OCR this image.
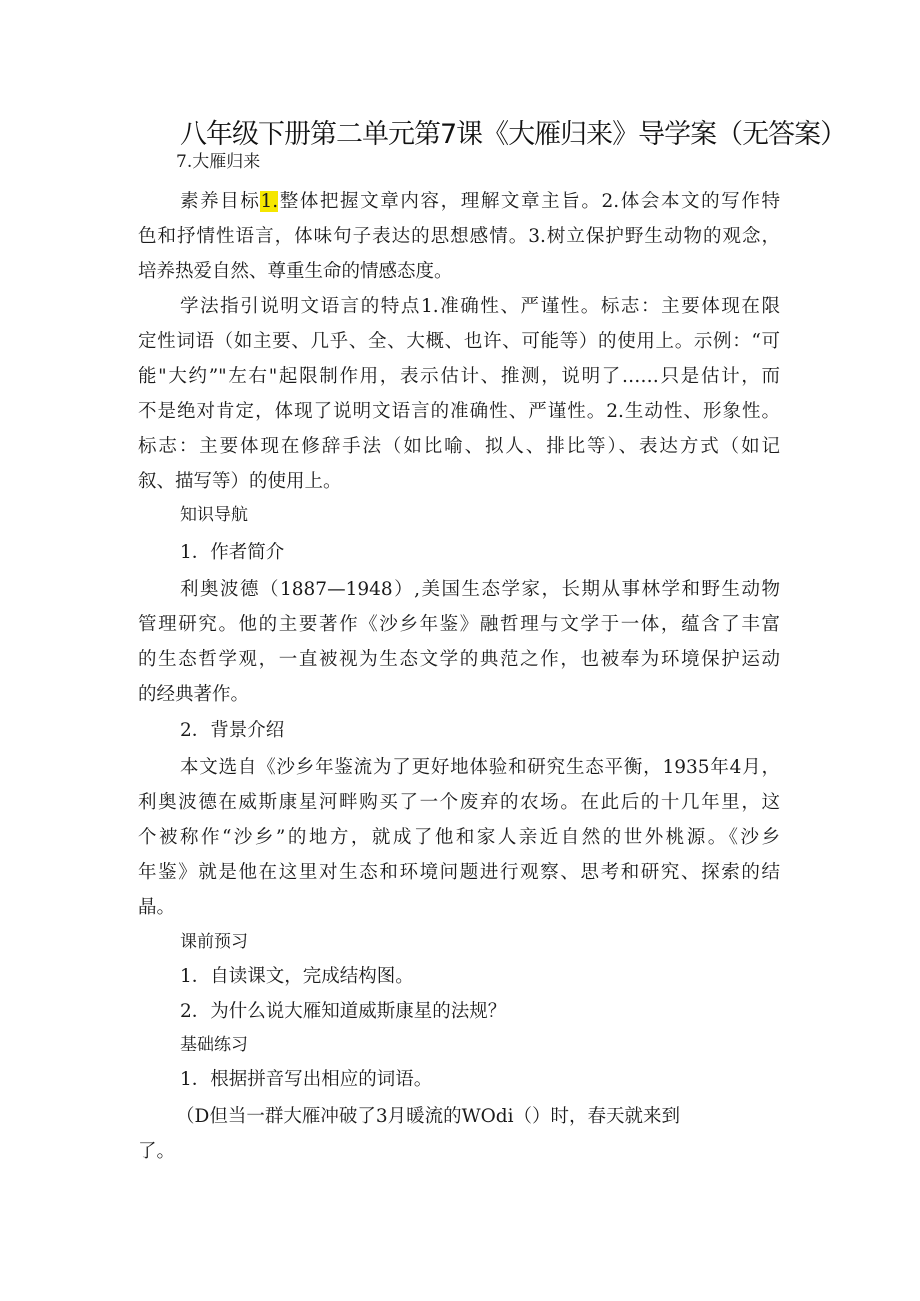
八年级下册第二单元第7课《大雁归来》导学案（无答案）
7.大雁归来
素养目标1.整体把握文章内容，理解文章主旨。2.体会本文的写作特
色和抒情性语言，体味句子表达的思想感情。3.树立保护野生动物的观念，
培养热爱自然、尊重生命的情感态度。
学法指引说明文语言的特点1.准确性、严谨性。标志：主要体现在限
定性词语（如主要、几乎、全、大概、也许、可能等）的使用上。示例：“可
能"大约”"左右"起限制作用，表示估计、推测，说明了……只是估计，而
不是绝对肯定，体现了说明文语言的准确性、严谨性。2.生动性、形象性。
标志：主要体现在修辞手法（如比喻、拟人、排比等）、表达方式（如记
叙、描写等）的使用上。
知识导航
1．作者简介
利奥波德（1887—1948）,美国生态学家，长期从事林学和野生动物
管理研究。他的主要著作《沙乡年鉴》融哲理与文学于一体，蕴含了丰富
的生态哲学观，一直被视为生态文学的典范之作，也被奉为环境保护运动
的经典著作。
2．背景介绍
本文选自《沙乡年鉴流为了更好地体验和研究生态平衡，1935年4月，
利奥波德在威斯康星河畔购买了一个废弃的农场。在此后的十几年里，这
个被称作“沙乡”的地方，就成了他和家人亲近自然的世外桃源。《沙乡
年鉴》就是他在这里对生态和环境问题进行观察、思考和研究、探索的结
晶。
课前预习
1．自读课文，完成结构图。
2．为什么说大雁知道威斯康星的法规？
基础练习
1．根据拼音写出相应的词语。
（D但当一群大雁冲破了3月暖流的WOdi（）时，春天就来到
了。
